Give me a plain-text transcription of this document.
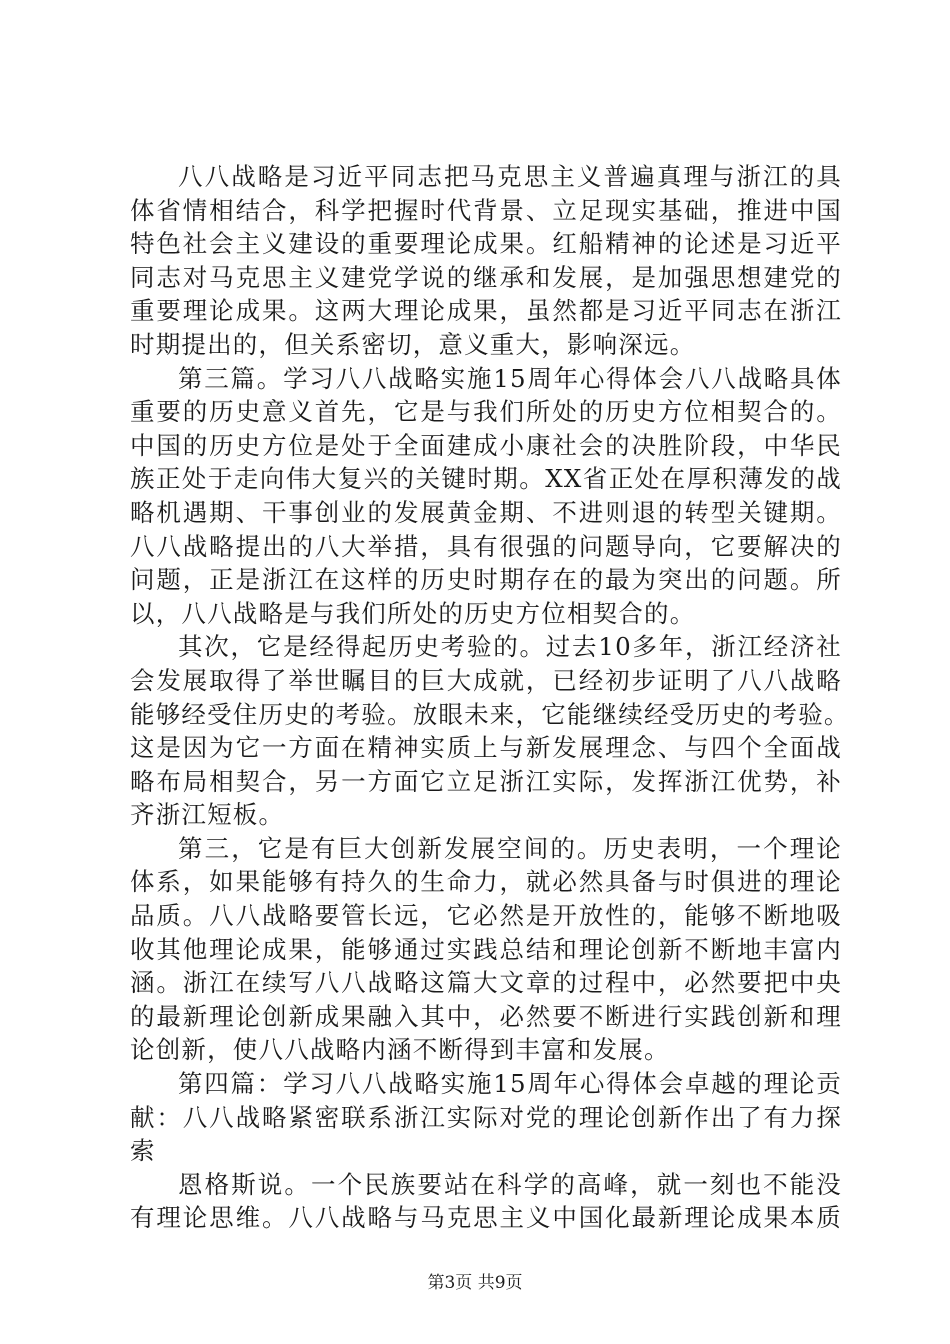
八八战略是习近平同志把马克思主义普遍真理与浙江的具
体省情相结合，科学把握时代背景、立足现实基础，推进中国
特色社会主义建设的重要理论成果。红船精神的论述是习近平
同志对马克思主义建党学说的继承和发展，是加强思想建党的
重要理论成果。这两大理论成果，虽然都是习近平同志在浙江
时期提出的，但关系密切，意义重大，影响深远。
第三篇。学习八八战略实施15周年心得体会八八战略具体
重要的历史意义首先，它是与我们所处的历史方位相契合的。
中国的历史方位是处于全面建成小康社会的决胜阶段，中华民
族正处于走向伟大复兴的关键时期。XX省正处在厚积薄发的战
略机遇期、干事创业的发展黄金期、不进则退的转型关键期。
八八战略提出的八大举措，具有很强的问题导向，它要解决的
问题，正是浙江在这样的历史时期存在的最为突出的问题。所
以，八八战略是与我们所处的历史方位相契合的。
其次，它是经得起历史考验的。过去10多年，浙江经济社
会发展取得了举世瞩目的巨大成就，已经初步证明了八八战略
能够经受住历史的考验。放眼未来，它能继续经受历史的考验。
这是因为它一方面在精神实质上与新发展理念、与四个全面战
略布局相契合，另一方面它立足浙江实际，发挥浙江优势，补
齐浙江短板。
第三，它是有巨大创新发展空间的。历史表明，一个理论
体系，如果能够有持久的生命力，就必然具备与时俱进的理论
品质。八八战略要管长远，它必然是开放性的，能够不断地吸
收其他理论成果，能够通过实践总结和理论创新不断地丰富内
涵。浙江在续写八八战略这篇大文章的过程中，必然要把中央
的最新理论创新成果融入其中，必然要不断进行实践创新和理
论创新，使八八战略内涵不断得到丰富和发展。
第四篇：学习八八战略实施15周年心得体会卓越的理论贡
献：八八战略紧密联系浙江实际对党的理论创新作出了有力探
索
恩格斯说。一个民族要站在科学的高峰，就一刻也不能没
有理论思维。八八战略与马克思主义中国化最新理论成果本质
第3页 共9页
